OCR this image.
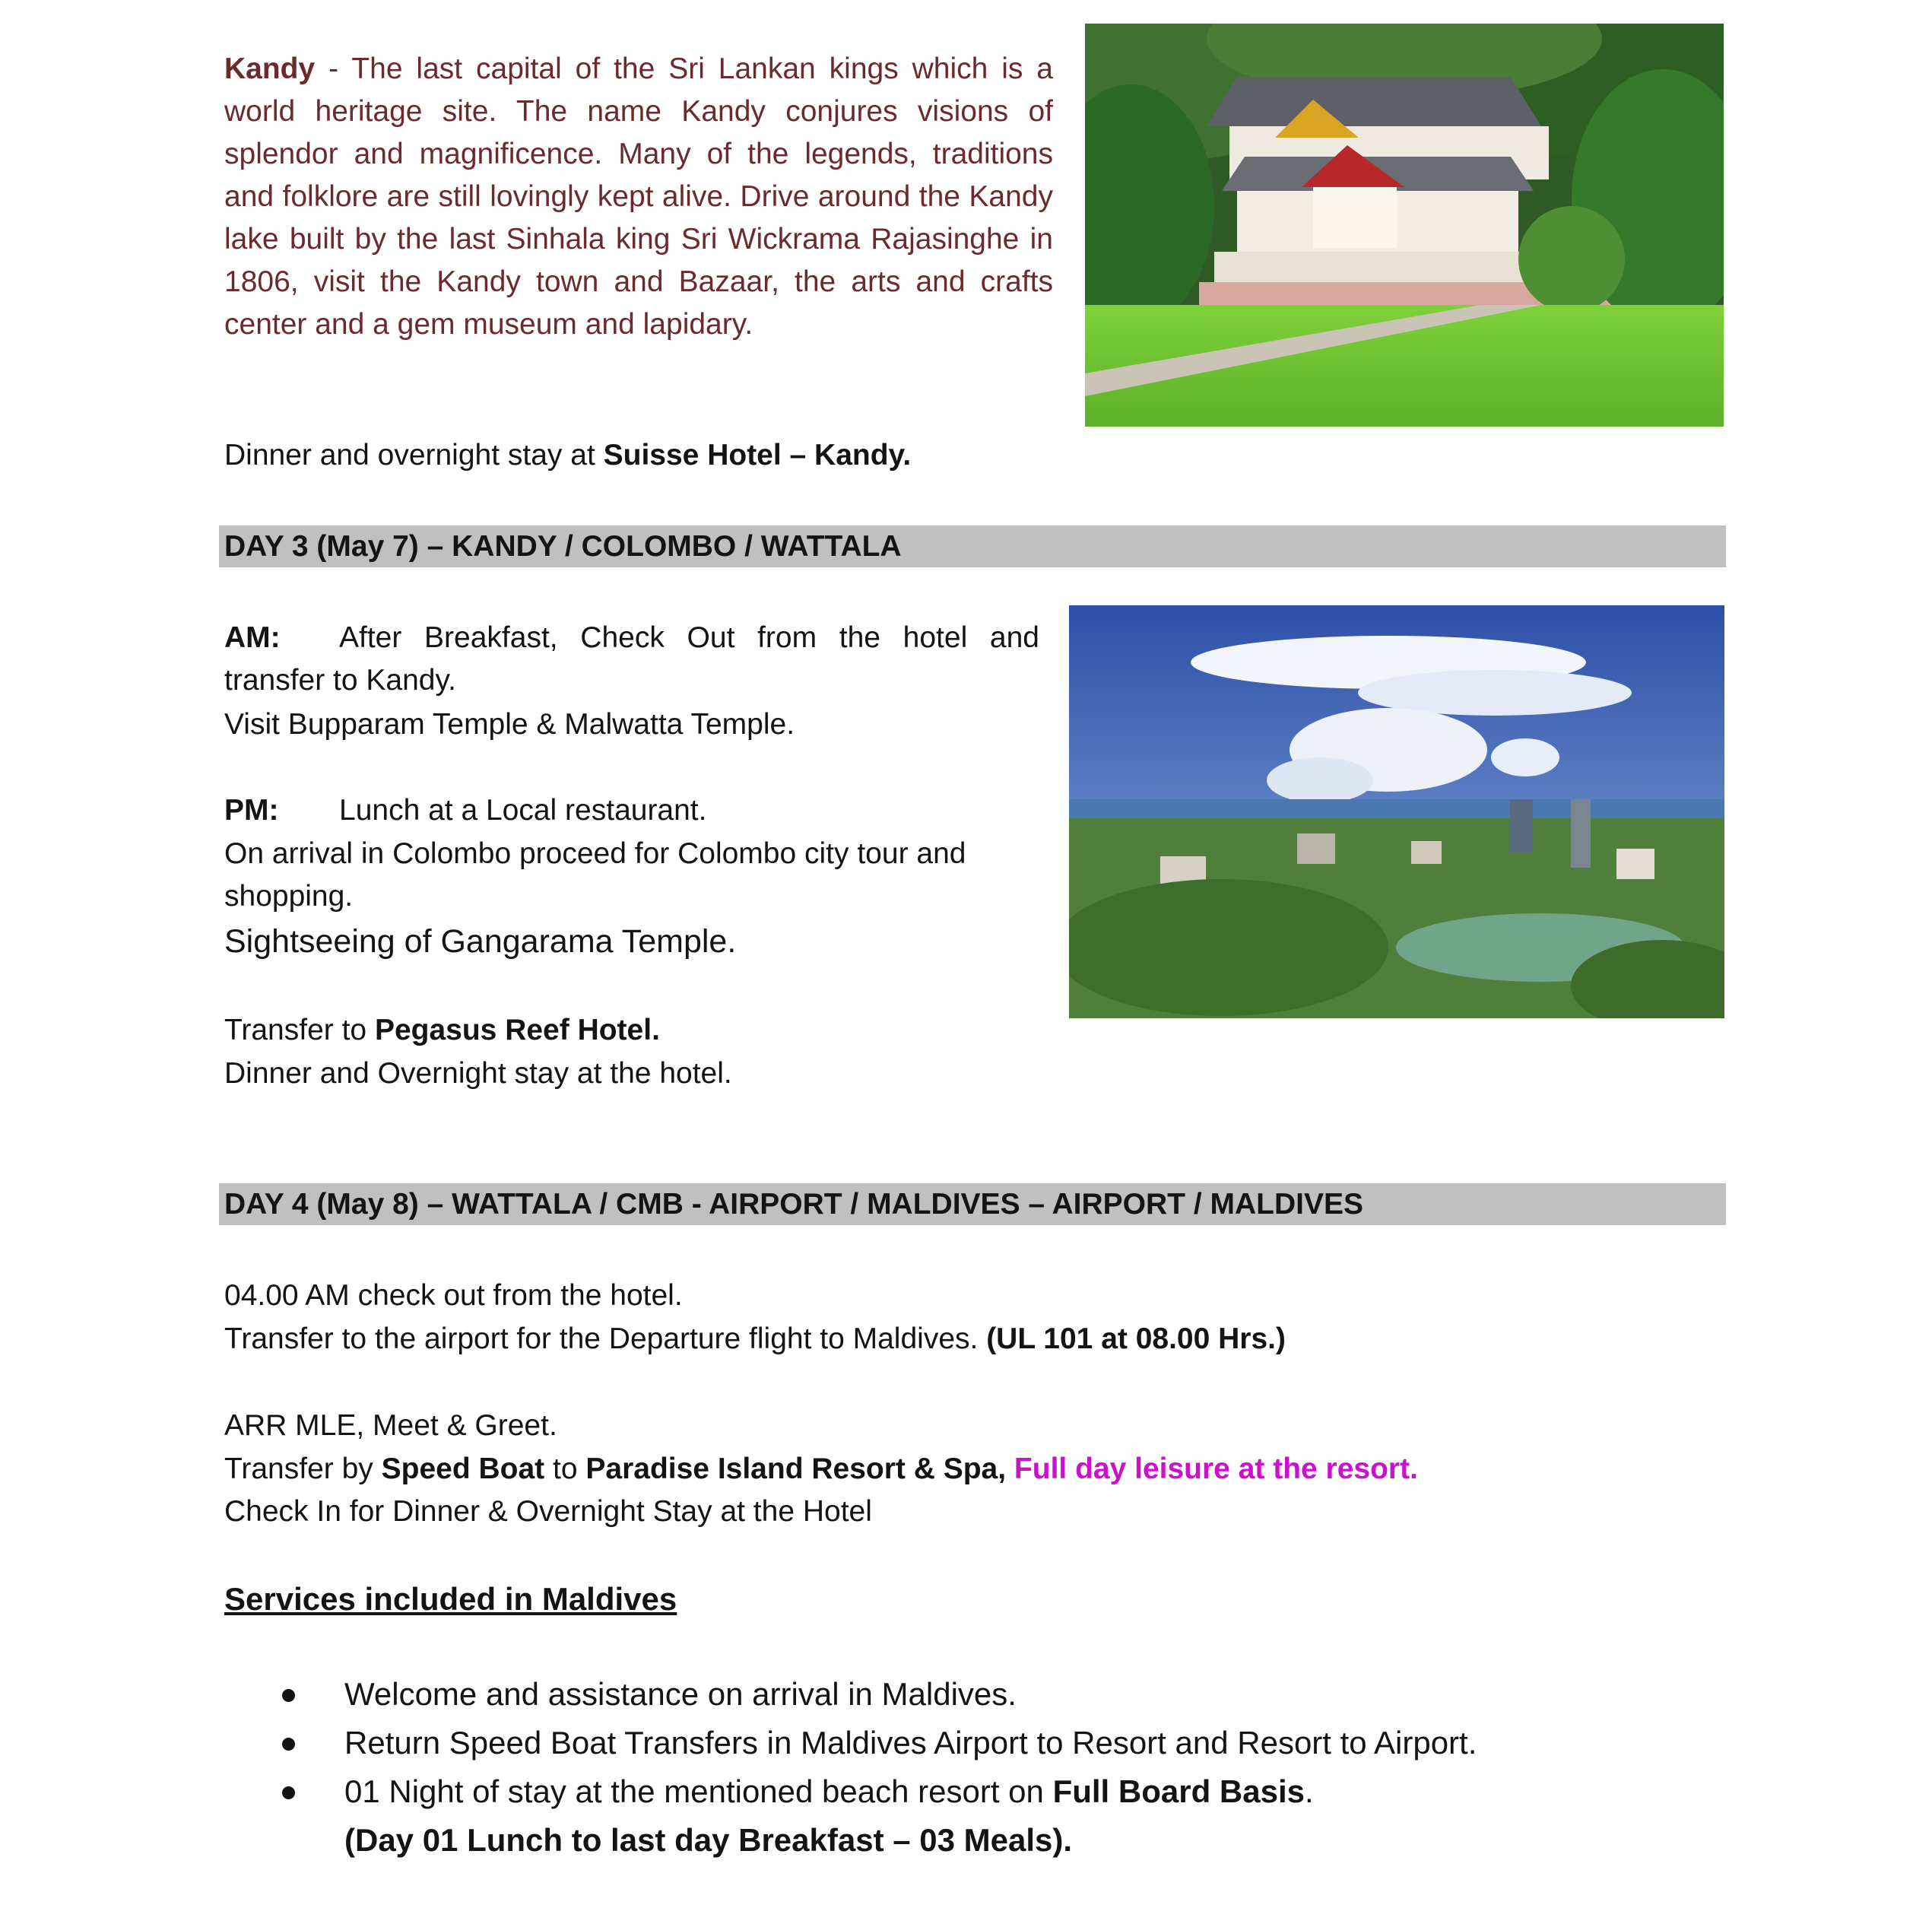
Kandy - The last capital of the Sri Lankan kings which is a world heritage site. The name Kandy conjures visions of splendor and magnificence. Many of the legends, traditions and folklore are still lovingly kept alive. Drive around the Kandy lake built by the last Sinhala king Sri Wickrama Rajasinghe in 1806, visit the Kandy town and Bazaar, the arts and crafts center and a gem museum and lapidary.
Dinner and overnight stay at Suisse Hotel – Kandy.
DAY 3 (May 7) – KANDY / COLOMBO / WATTALA
AM: After Breakfast, Check Out from the hotel and transfer to Kandy.
Visit Bupparam Temple & Malwatta Temple.
PM: Lunch at a Local restaurant.
On arrival in Colombo proceed for Colombo city tour and shopping.
Sightseeing of Gangarama Temple.
Transfer to Pegasus Reef Hotel.
Dinner and Overnight stay at the hotel.
DAY 4 (May 8) – WATTALA / CMB - AIRPORT / MALDIVES – AIRPORT / MALDIVES
04.00 AM check out from the hotel.
Transfer to the airport for the Departure flight to Maldives. (UL 101 at 08.00 Hrs.)
ARR MLE, Meet & Greet.
Transfer by Speed Boat to Paradise Island Resort & Spa, Full day leisure at the resort.
Check In for Dinner & Overnight Stay at the Hotel
Services included in Maldives
Welcome and assistance on arrival in Maldives.
Return Speed Boat Transfers in Maldives Airport to Resort and Resort to Airport.
01 Night of stay at the mentioned beach resort on Full Board Basis.
(Day 01 Lunch to last day Breakfast – 03 Meals).
